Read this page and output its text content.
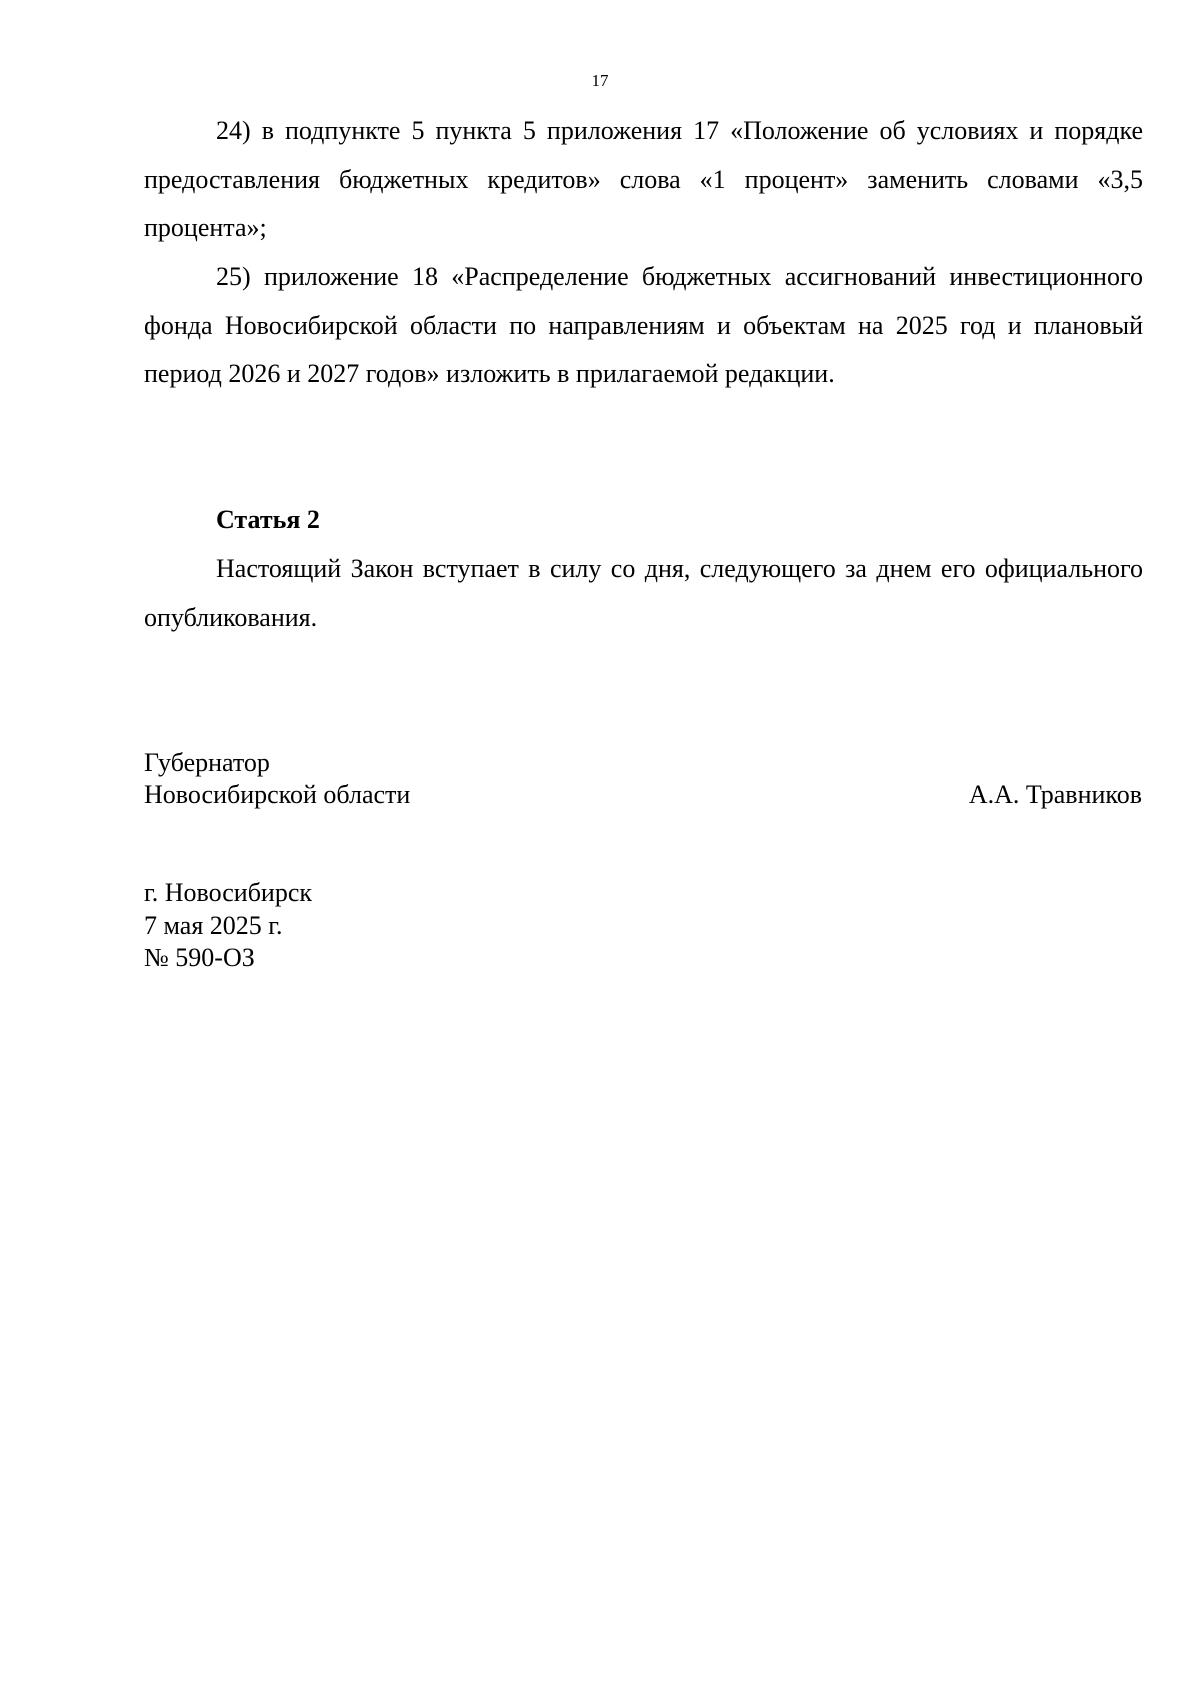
17

24) в подпункте 5 пункта 5 приложения 17 «Положение об условиях и порядке предоставления бюджетных кредитов» слова «1 процент» заменить словами «3,5 процента»;

25) приложение 18 «Распределение бюджетных ассигнований инвестиционного фонда Новосибирской области по направлениям и объектам на 2025 год и плановый период 2026 и 2027 годов» изложить в прилагаемой редакции.

Статья 2

Настоящий Закон вступает в силу со дня, следующего за днем его официального опубликования.

Губернатор
Новосибирской области	А.А. Травников
г. Новосибирск
7 мая 2025 г.
№ 590-ОЗ
